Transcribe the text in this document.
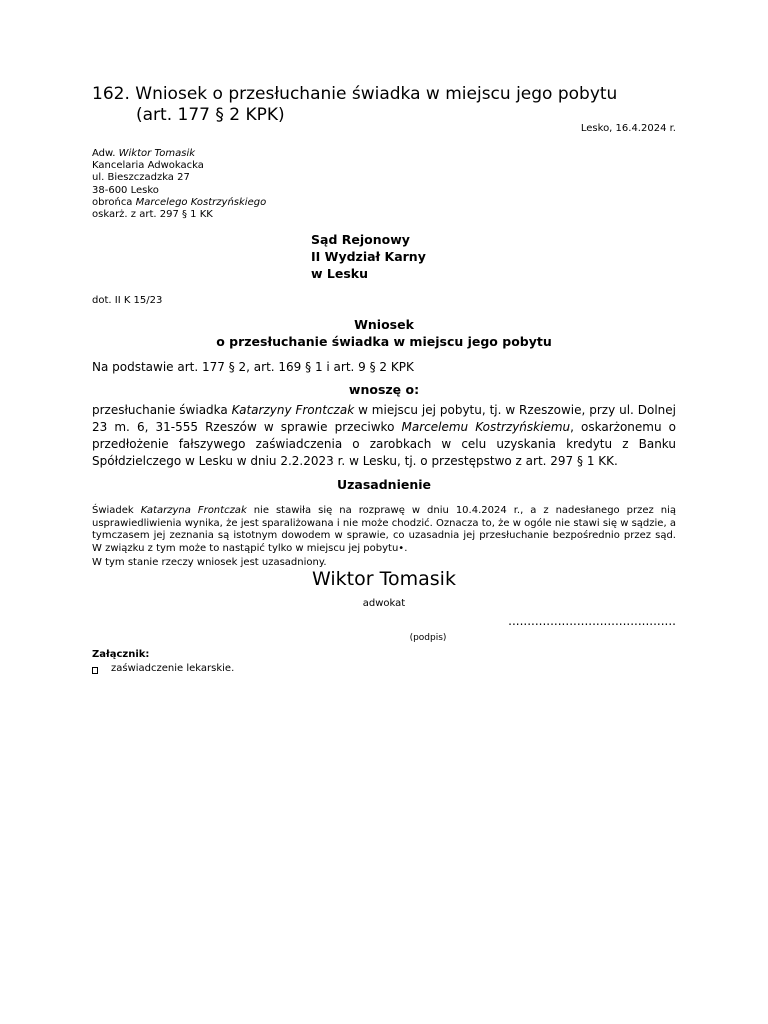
162. Wniosek o przesłuchanie świadka w miejscu jego pobytu
(art. 177 § 2 KPK)
Lesko, 16.4.2024 r.
Adw. Wiktor Tomasik
Kancelaria Adwokacka
ul. Bieszczadzka 27
38-600 Lesko
obrońca Marcelego Kostrzyńskiego
oskarż. z art. 297 § 1 KK
Sąd Rejonowy
II Wydział Karny
w Lesku
dot. II K 15/23
Wniosek
o przesłuchanie świadka w miejscu jego pobytu
Na podstawie art. 177 § 2, art. 169 § 1 i art. 9 § 2 KPK
wnoszę o:
przesłuchanie świadka Katarzyny Frontczak w miejscu jej pobytu, tj. w Rzeszowie, przy ul. Dolnej 23 m. 6, 31-555 Rzeszów w sprawie przeciwko Marcelemu Kostrzyńskiemu, oskarżonemu o przedłożenie fałszywego zaświadczenia o zarobkach w celu uzyskania kredytu z Banku Spółdzielczego w Lesku w dniu 2.2.2023 r. w Lesku, tj. o przestępstwo z art. 297 § 1 KK.
Uzasadnienie
Świadek Katarzyna Frontczak nie stawiła się na rozprawę w dniu 10.4.2024 r., a z nadesłanego przez nią usprawiedliwienia wynika, że jest sparaliżowana i nie może chodzić. Oznacza to, że w ogóle nie stawi się w sądzie, a tymczasem jej zeznania są istotnym dowodem w sprawie, co uzasadnia jej przesłuchanie bezpośrednio przez sąd. W związku z tym może to nastąpić tylko w miejscu jej pobytu•.
W tym stanie rzeczy wniosek jest uzasadniony.
Wiktor Tomasik
adwokat
............................................
(podpis)
Załącznik:
zaświadczenie lekarskie.
